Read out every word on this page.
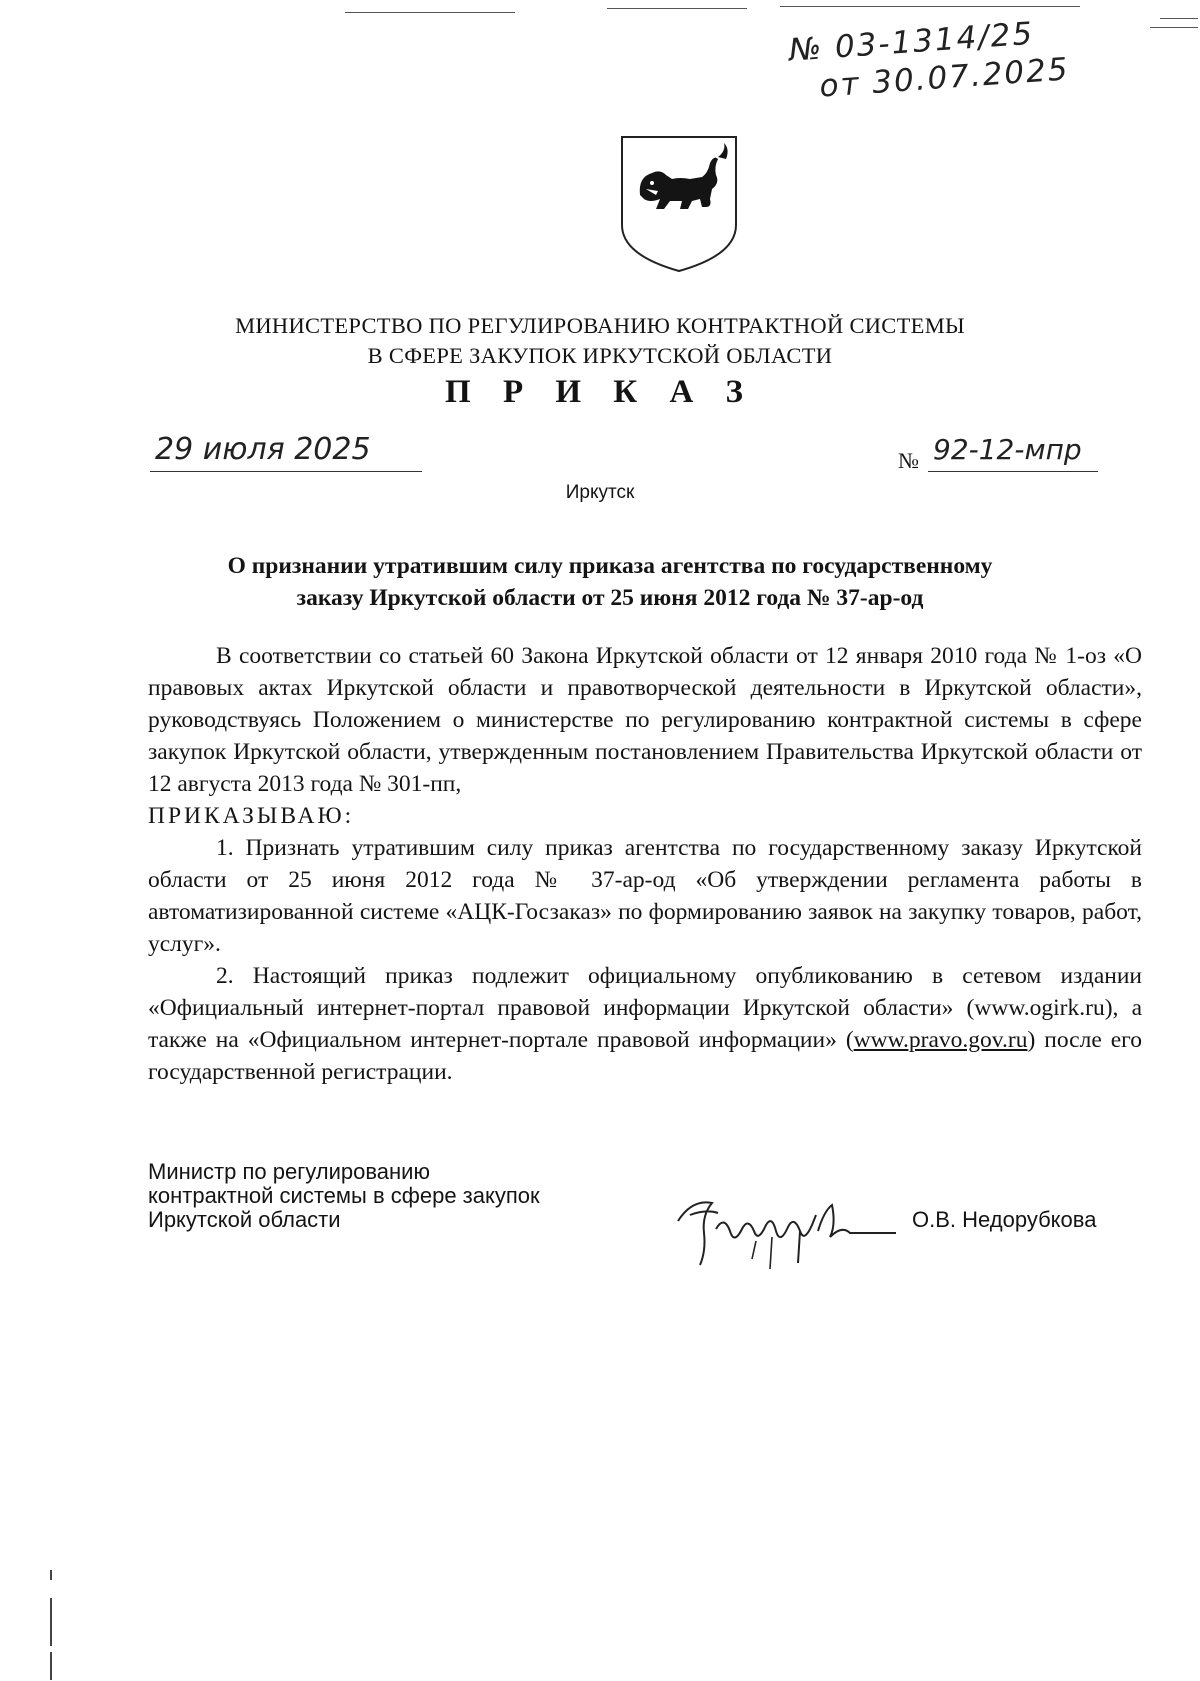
№ 03-1314/25
от 30.07.2025
МИНИСТЕРСТВО ПО РЕГУЛИРОВАНИЮ КОНТРАКТНОЙ СИСТЕМЫ
В СФЕРЕ ЗАКУПОК ИРКУТСКОЙ ОБЛАСТИ
П Р И К А З
29 июля 2025	№ 92-12-мпр
Иркутск
О признании утратившим силу приказа агентства по государственному
заказу Иркутской области от 25 июня 2012 года № 37-ар-од

В соответствии со статьей 60 Закона Иркутской области от 12 января 2010 года № 1-оз «О правовых актах Иркутской области и правотворческой деятельности в Иркутской области», руководствуясь Положением о министерстве по регулированию контрактной системы в сфере закупок Иркутской области, утвержденным постановлением Правительства Иркутской области от 12 августа 2013 года № 301-пп,

ПРИКАЗЫВАЮ:

1. Признать утратившим силу приказ агентства по государственному заказу Иркутской области от 25 июня 2012 года № 37-ар-од «Об утверждении регламента работы в автоматизированной системе «АЦК-Госзаказ» по формированию заявок на закупку товаров, работ, услуг».

2. Настоящий приказ подлежит официальному опубликованию в сетевом издании «Официальный интернет-портал правовой информации Иркутской области» (www.ogirk.ru), а также на «Официальном интернет-портале правовой информации» (www.pravo.gov.ru) после его государственной регистрации.

Министр по регулированию
контрактной системы в сфере закупок
Иркутской области	О.В. Недорубкова
